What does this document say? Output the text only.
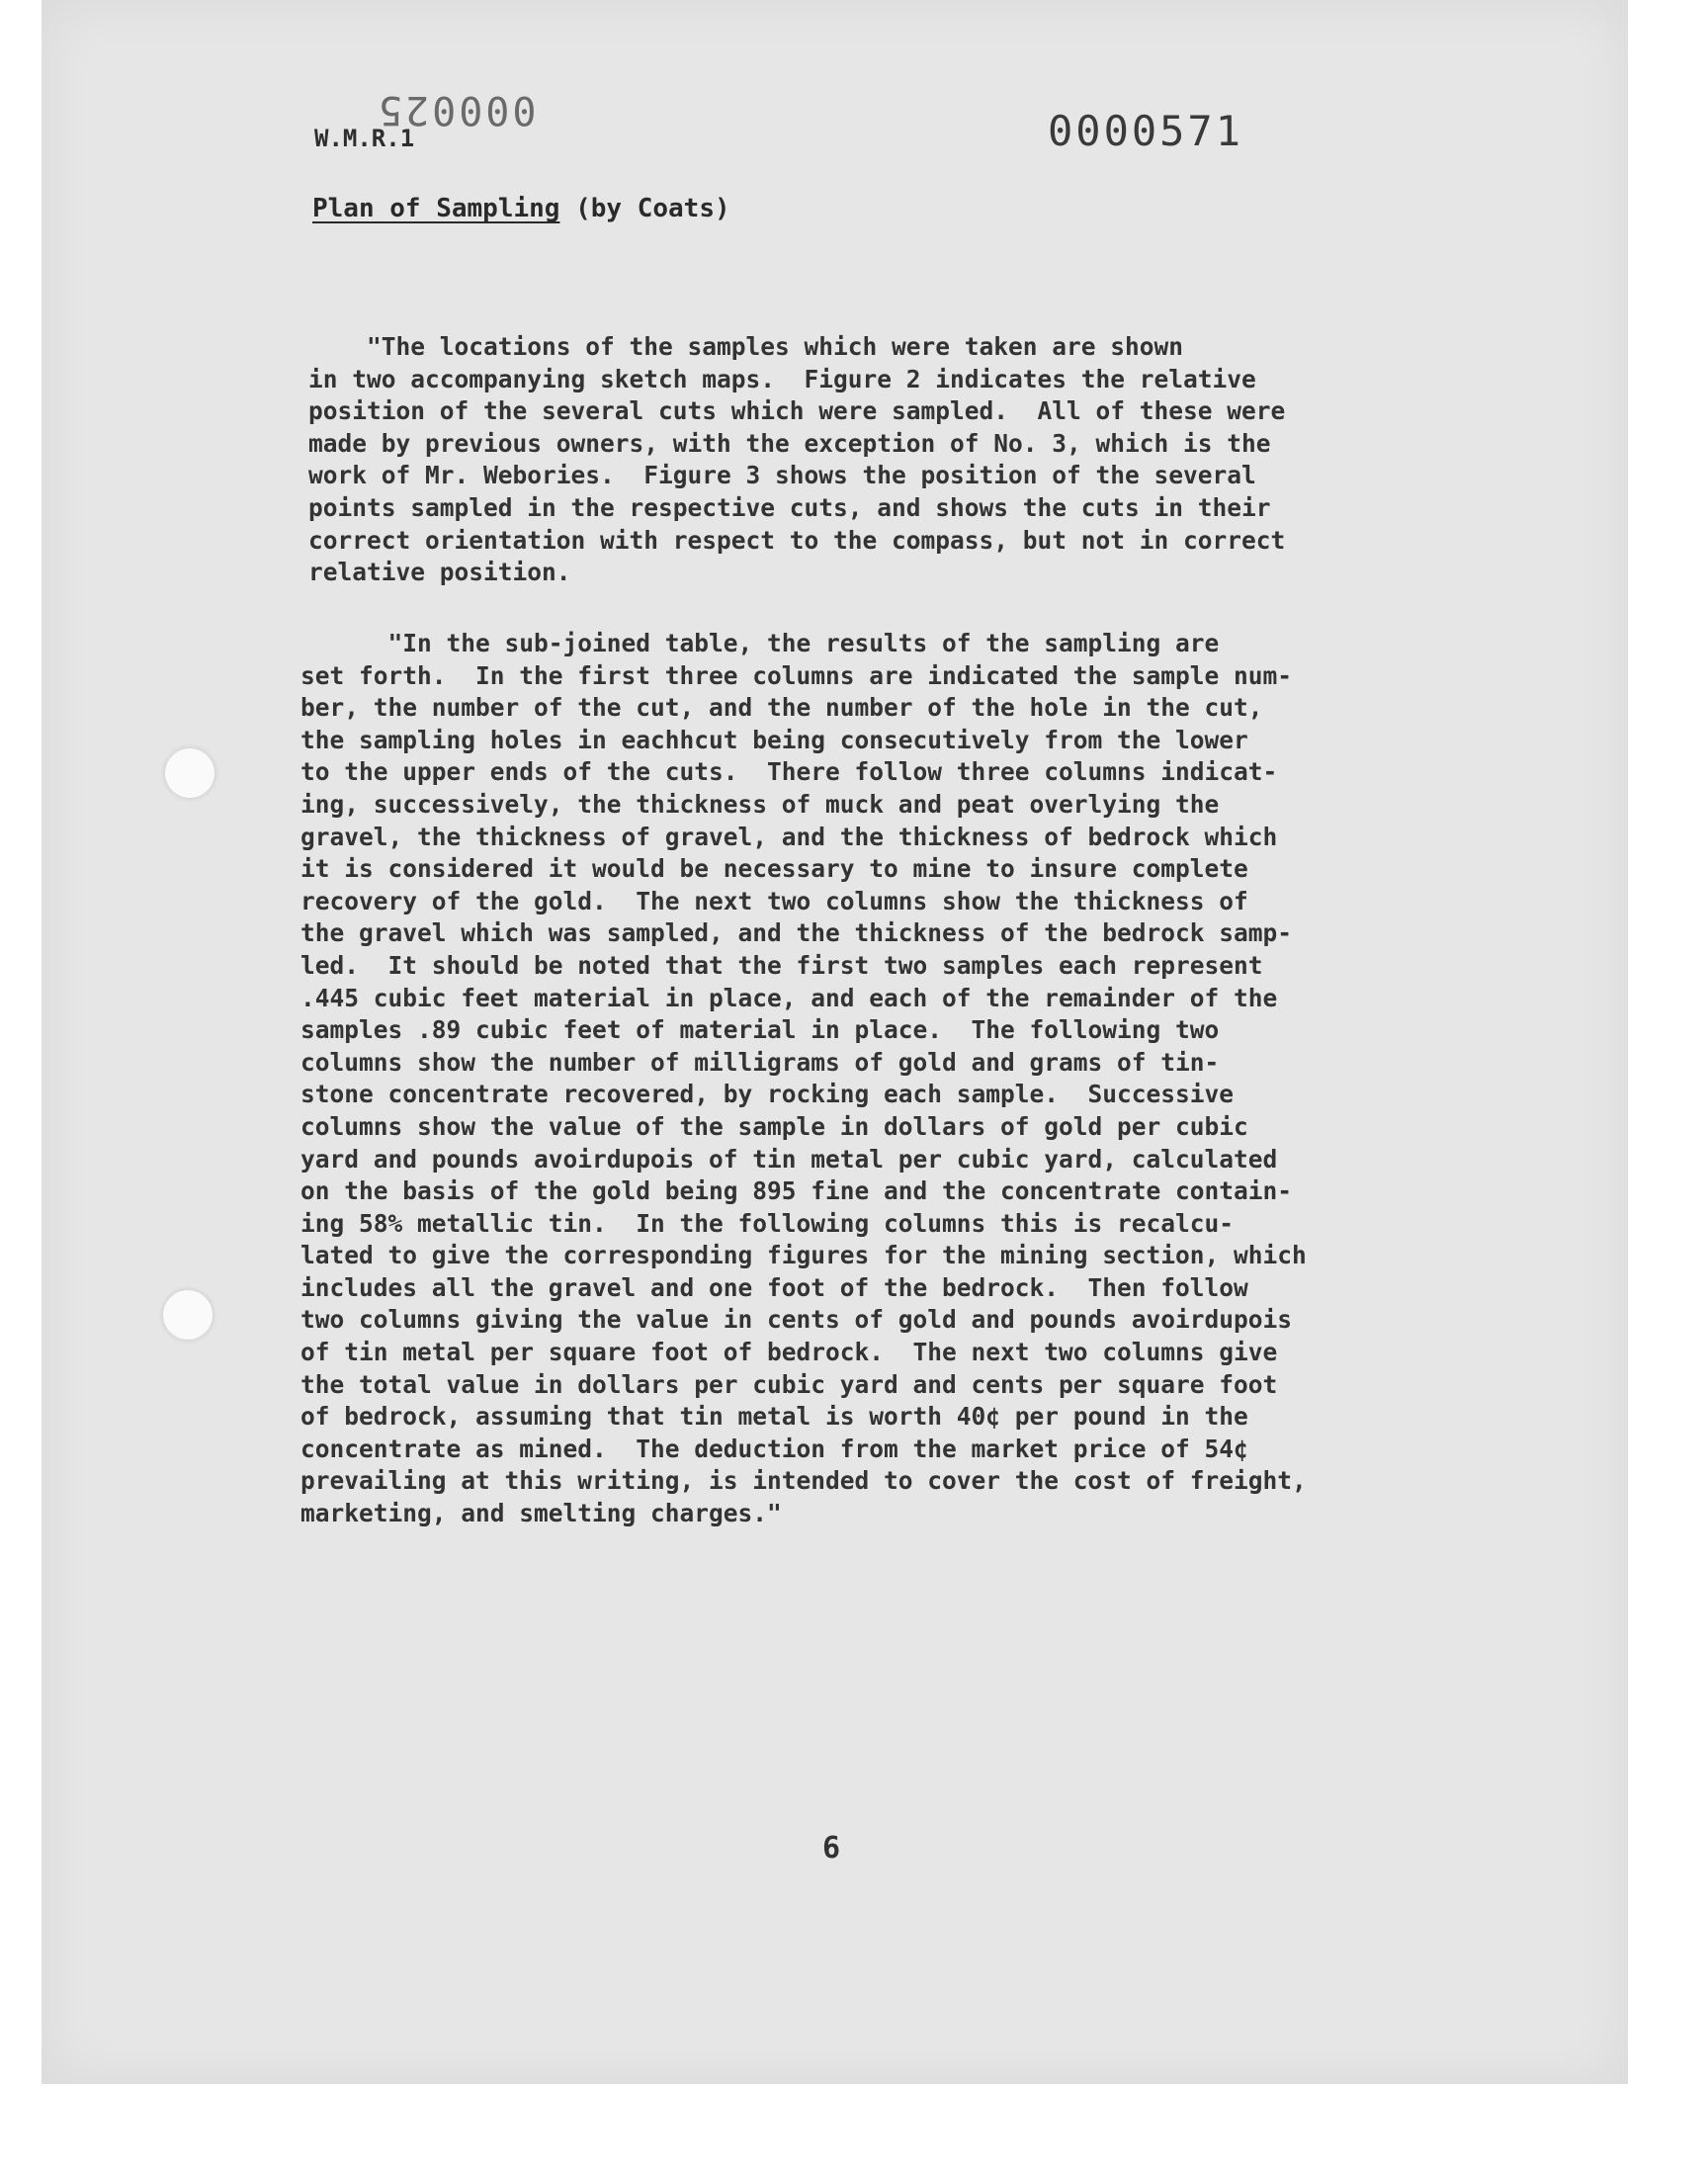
000025	0000571
W.M.R.1
Plan of Sampling (by Coats)
"The locations of the samples which were taken are shown
in two accompanying sketch maps.  Figure 2 indicates the relative
position of the several cuts which were sampled.  All of these were
made by previous owners, with the exception of No. 3, which is the
work of Mr. Webories.  Figure 3 shows the position of the several
points sampled in the respective cuts, and shows the cuts in their
correct orientation with respect to the compass, but not in correct
relative position.
"In the sub-joined table, the results of the sampling are
set forth.  In the first three columns are indicated the sample num-
ber, the number of the cut, and the number of the hole in the cut,
the sampling holes in eachhcut being consecutively from the lower
to the upper ends of the cuts.  There follow three columns indicat-
ing, successively, the thickness of muck and peat overlying the
gravel, the thickness of gravel, and the thickness of bedrock which
it is considered it would be necessary to mine to insure complete
recovery of the gold.  The next two columns show the thickness of
the gravel which was sampled, and the thickness of the bedrock samp-
led.  It should be noted that the first two samples each represent
.445 cubic feet material in place, and each of the remainder of the
samples .89 cubic feet of material in place.  The following two
columns show the number of milligrams of gold and grams of tin-
stone concentrate recovered, by rocking each sample.  Successive
columns show the value of the sample in dollars of gold per cubic
yard and pounds avoirdupois of tin metal per cubic yard, calculated
on the basis of the gold being 895 fine and the concentrate contain-
ing 58% metallic tin.  In the following columns this is recalcu-
lated to give the corresponding figures for the mining section, which
includes all the gravel and one foot of the bedrock.  Then follow
two columns giving the value in cents of gold and pounds avoirdupois
of tin metal per square foot of bedrock.  The next two columns give
the total value in dollars per cubic yard and cents per square foot
of bedrock, assuming that tin metal is worth 40¢ per pound in the
concentrate as mined.  The deduction from the market price of 54¢
prevailing at this writing, is intended to cover the cost of freight,
marketing, and smelting charges."
6
